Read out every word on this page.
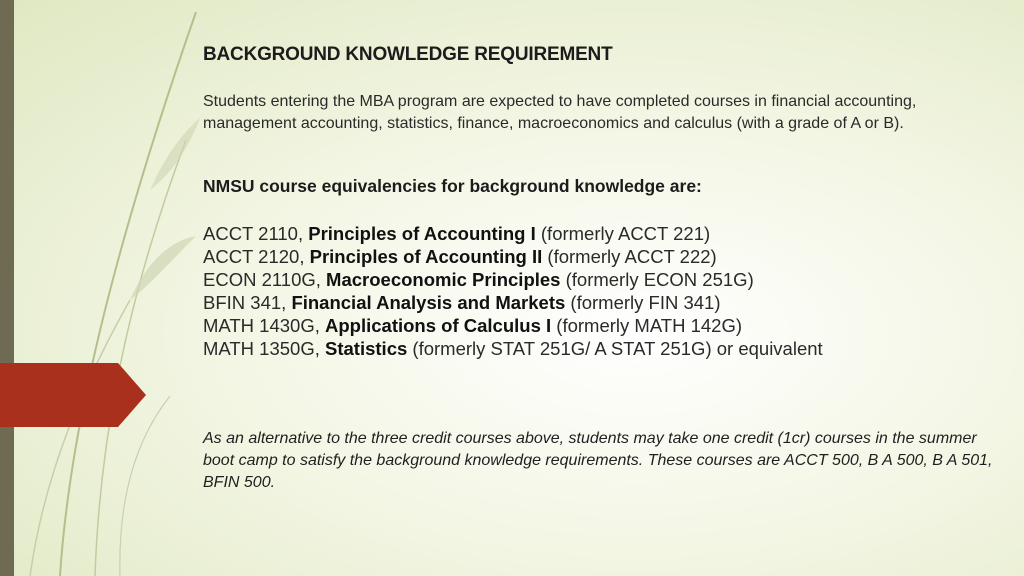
BACKGROUND KNOWLEDGE REQUIREMENT

Students entering the MBA program are expected to have completed courses in financial accounting, management accounting, statistics, finance, macroeconomics and calculus (with a grade of A or B).

NMSU course equivalencies for background knowledge are:
ACCT 2110, Principles of Accounting I (formerly ACCT 221)
ACCT 2120, Principles of Accounting II (formerly ACCT 222)
ECON 2110G, Macroeconomic Principles (formerly ECON 251G)
BFIN 341, Financial Analysis and Markets (formerly FIN 341)
MATH 1430G, Applications of Calculus I (formerly MATH 142G)
MATH 1350G, Statistics (formerly STAT 251G/ A STAT 251G) or equivalent

As an alternative to the three credit courses above, students may take one credit (1cr) courses in the summer boot camp to satisfy the background knowledge requirements. These courses are ACCT 500, B A 500, B A 501, BFIN 500.
